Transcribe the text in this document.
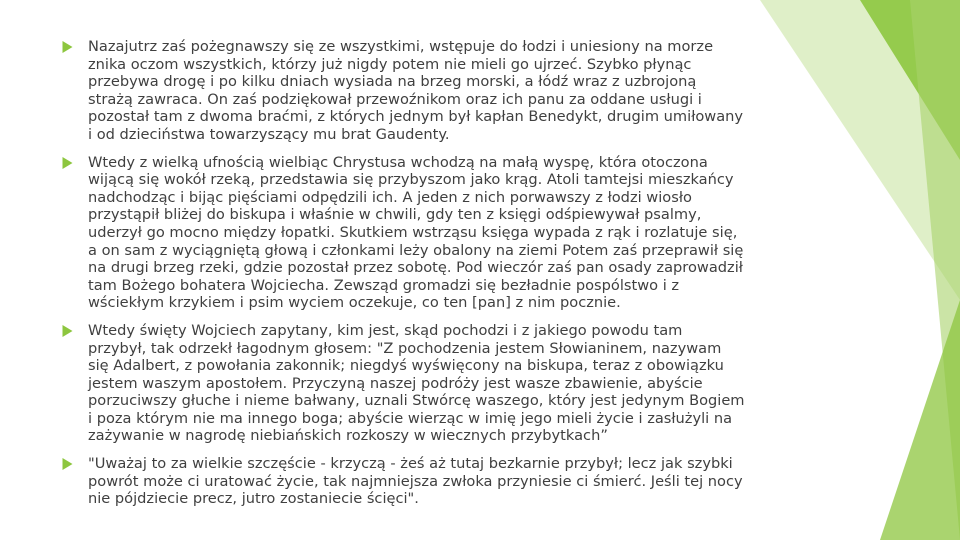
Nazajutrz zaś pożegnawszy się ze wszystkimi, wstępuje do łodzi i uniesiony na morze znika oczom wszystkich, którzy już nigdy potem nie mieli go ujrzeć. Szybko płynąc przebywa drogę i po kilku dniach wysiada na brzeg morski, a łódź wraz z uzbrojoną strażą zawraca. On zaś podziękował przewoźnikom oraz ich panu za oddane usługi i pozostał tam z dwoma braćmi, z których jednym był kapłan Benedykt, drugim umiłowany i od dzieciństwa towarzyszący mu brat Gaudenty.
Wtedy z wielką ufnością wielbiąc Chrystusa wchodzą na małą wyspę, która otoczona wijącą się wokół rzeką, przedstawia się przybyszom jako krąg. Atoli tamtejsi mieszkańcy nadchodząc i bijąc pięściami odpędzili ich. A jeden z nich porwawszy z łodzi wiosło przystąpił bliżej do biskupa i właśnie w chwili, gdy ten z księgi odśpiewywał psalmy, uderzył go mocno między łopatki. Skutkiem wstrząsu księga wypada z rąk i rozlatuje się, a on sam z wyciągniętą głową i członkami leży obalony na ziemi Potem zaś przeprawił się na drugi brzeg rzeki, gdzie pozostał przez sobotę. Pod wieczór zaś pan osady zaprowadził tam Bożego bohatera Wojciecha. Zewsząd gromadzi się bezładnie pospólstwo i z wściekłym krzykiem i psim wyciem oczekuje, co ten [pan] z nim pocznie.
Wtedy święty Wojciech zapytany, kim jest, skąd pochodzi i z jakiego powodu tam przybył, tak odrzekł łagodnym głosem: "Z pochodzenia jestem Słowianinem, nazywam się Adalbert, z powołania zakonnik; niegdyś wyświęcony na biskupa, teraz z obowiązku jestem waszym apostołem. Przyczyną naszej podróży jest wasze zbawienie, abyście porzuciwszy głuche i nieme bałwany, uznali Stwórcę waszego, który jest jedynym Bogiem i poza którym nie ma innego boga; abyście wierząc w imię jego mieli życie i zasłużyli na zażywanie w nagrodę niebiańskich rozkoszy w wiecznych przybytkach”
"Uważaj to za wielkie szczęście - krzyczą - żeś aż tutaj bezkarnie przybył; lecz jak szybki powrót może ci uratować życie, tak najmniejsza zwłoka przyniesie ci śmierć. Jeśli tej nocy nie pójdziecie precz, jutro zostaniecie ścięci".
